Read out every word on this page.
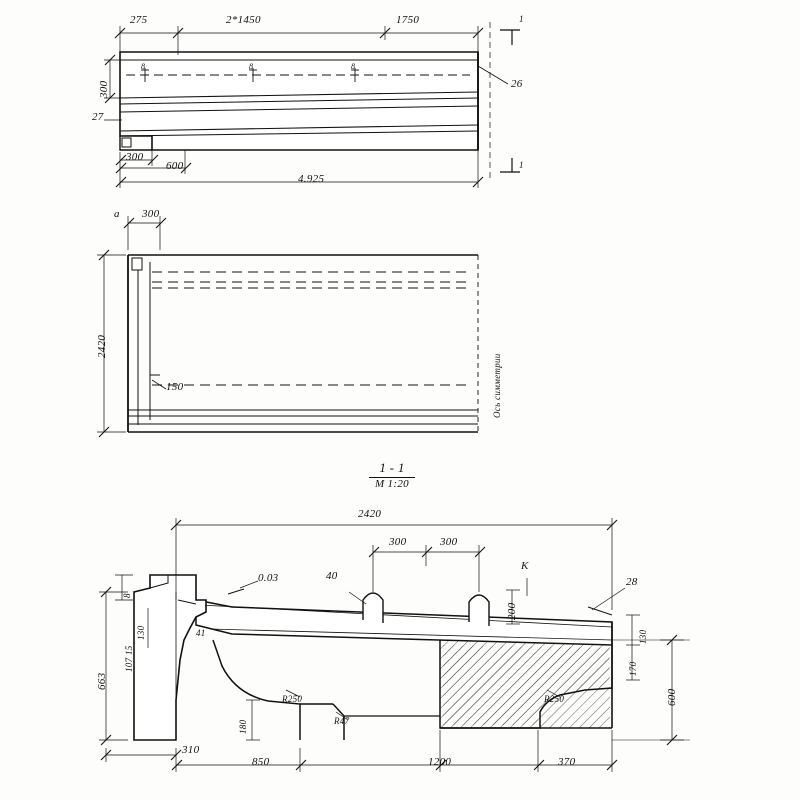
275	2*1450	1750	1
1
300
27
26
300
600
4.925
8	8	8
а 300
2420
150	Ось симметрии
1 - 1
М 1:20
2420
300	300
К
40	28
0.03
200
8
130
107 15
663
41	130
170
600
R250	R250
R47
180
310
850	1200	370
